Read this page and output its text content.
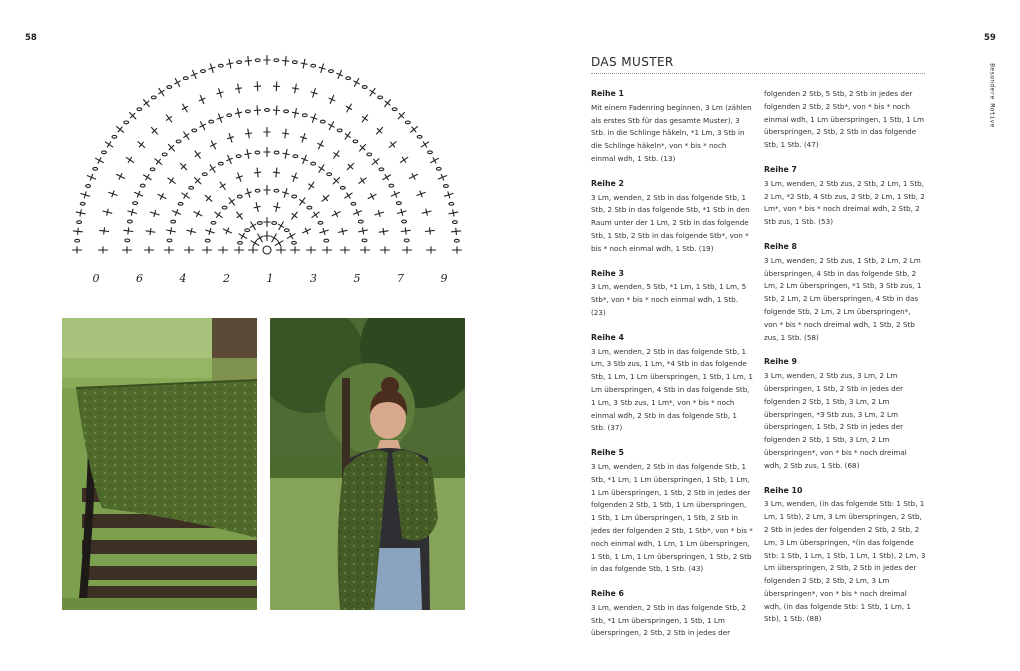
58	59
Besondere Motive
0	6	4	2	1	3	5	7	9
DAS MUSTER
Reihe 1

Mit einem Fadenring beginnen, 3 Lm (zählen als erstes Stb für das gesamte Muster), 3 Stb. in die Schlinge häkeln, *1 Lm, 3 Stb in die Schlinge häkeln*, von * bis * noch einmal wdh, 1 Stb. (13)

Reihe 2

3 Lm, wenden, 2 Stb in das folgende Stb, 1 Stb, 2 Stb in das folgende Stb, *1 Stb in den Raum unter der 1 Lm, 2 Stb in das folgende Stb, 1 Stb, 2 Stb in das folgende Stb*, von * bis * noch einmal wdh, 1 Stb. (19)

Reihe 3

3 Lm, wenden, 5 Stb, *1 Lm, 1 Stb, 1 Lm, 5 Stb*, von * bis * noch einmal wdh, 1 Stb. (23)

Reihe 4

3 Lm, wenden, 2 Stb in das folgende Stb, 1 Lm, 3 Stb zus, 1 Lm, *4 Stb in das folgende Stb, 1 Lm, 1 Lm überspringen, 1 Stb, 1 Lm, 1 Lm überspringen, 4 Stb in das folgende Stb, 1 Lm, 3 Stb zus, 1 Lm*, von * bis * noch einmal wdh, 2 Stb in das folgende Stb, 1 Stb. (37)

Reihe 5

3 Lm, wenden, 2 Stb in das folgende Stb, 1 Stb, *1 Lm, 1 Lm überspringen, 1 Stb, 1 Lm, 1 Lm überspringen, 1 Stb, 2 Stb in jedes der folgenden 2 Stb, 1 Stb, 1 Lm überspringen, 1 Stb, 1 Lm überspringen, 1 Stb, 2 Stb in jedes der folgenden 2 Stb, 1 Stb*, von * bis * noch einmal wdh, 1 Lm, 1 Lm überspringen, 1 Stb, 1 Lm, 1 Lm überspringen, 1 Stb, 2 Stb in das folgende Stb, 1 Stb. (43)

Reihe 6

3 Lm, wenden, 2 Stb in das folgende Stb, 2 Stb, *1 Lm überspringen, 1 Stb, 1 Lm überspringen, 2 Stb, 2 Stb in jedes der

folgenden 2 Stb, 5 Stb, 2 Stb in jedes der folgenden 2 Stb, 2 Stb*, von * bis * noch einmal wdh, 1 Lm überspringen, 1 Stb, 1 Lm überspringen, 2 Stb, 2 Stb in das folgende Stb, 1 Stb. (47)

Reihe 7

3 Lm, wenden, 2 Stb zus, 2 Stb, 2 Lm, 1 Stb, 2 Lm, *2 Stb, 4 Stb zus, 2 Stb, 2 Lm, 1 Stb, 2 Lm*, von * bis * noch dreimal wdh, 2 Stb, 2 Stb zus, 1 Stb. (53)

Reihe 8

3 Lm, wenden, 2 Stb zus, 1 Stb, 2 Lm, 2 Lm überspringen, 4 Stb in das folgende Stb, 2 Lm, 2 Lm überspringen, *1 Stb, 3 Stb zus, 1 Stb, 2 Lm, 2 Lm überspringen, 4 Stb in das folgende Stb, 2 Lm, 2 Lm überspringen*, von * bis * noch dreimal wdh, 1 Stb, 2 Stb zus, 1 Stb. (58)

Reihe 9

3 Lm, wenden, 2 Stb zus, 3 Lm, 2 Lm überspringen, 1 Stb, 2 Stb in jedes der folgenden 2 Stb, 1 Stb, 3 Lm, 2 Lm überspringen, *3 Stb zus, 3 Lm, 2 Lm überspringen, 1 Stb, 2 Stb in jedes der folgenden 2 Stb, 1 Stb, 3 Lm, 2 Lm überspringen*, von * bis * noch dreimal wdh, 2 Stb zus, 1 Stb. (68)

Reihe 10

3 Lm, wenden, (in das folgende Stb: 1 Stb, 1 Lm, 1 Stb), 2 Lm, 3 Lm überspringen, 2 Stb, 2 Stb in jedes der folgenden 2 Stb, 2 Stb, 2 Lm, 3 Lm überspringen, *(in das folgende Stb: 1 Stb, 1 Lm, 1 Stb, 1 Lm, 1 Stb), 2 Lm, 3 Lm überspringen, 2 Stb, 2 Stb in jedes der folgenden 2 Stb, 2 Stb, 2 Lm, 3 Lm überspringen*, von * bis * noch dreimal wdh, (in das folgende Stb: 1 Stb, 1 Lm, 1 Stb), 1 Stb. (88)
